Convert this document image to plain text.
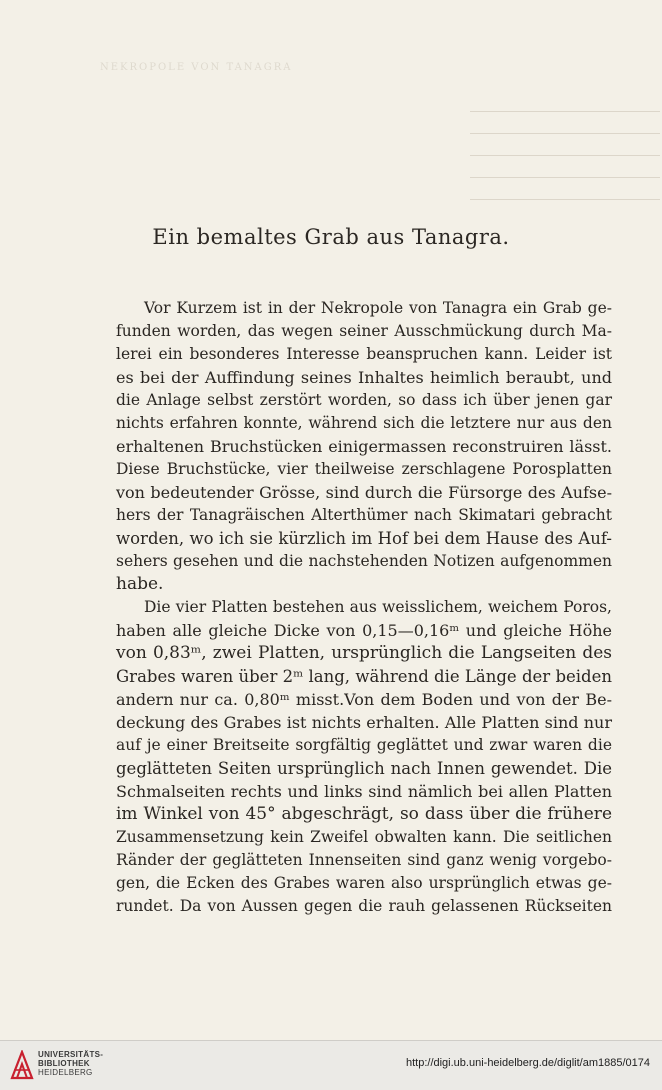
NEKROPOLE VON TANAGRA
Ein bemaltes Grab aus Tanagra.
Vor Kurzem ist in der Nekropole von Tanagra ein Grab ge-
funden worden, das wegen seiner Ausschmückung durch Ma-
lerei ein besonderes Interesse beanspruchen kann. Leider ist
es bei der Auffindung seines Inhaltes heimlich beraubt, und
die Anlage selbst zerstört worden, so dass ich über jenen gar
nichts erfahren konnte, während sich die letztere nur aus den
erhaltenen Bruchstücken einigermassen reconstruiren lässt.
Diese Bruchstücke, vier theilweise zerschlagene Porosplatten
von bedeutender Grösse, sind durch die Fürsorge des Aufse-
hers der Tanagräischen Alterthümer nach Skimatari gebracht
worden, wo ich sie kürzlich im Hof bei dem Hause des Auf-
sehers gesehen und die nachstehenden Notizen aufgenommen
habe.
Die vier Platten bestehen aus weisslichem, weichem Poros,
haben alle gleiche Dicke von 0,15—0,16ᵐ und gleiche Höhe
von 0,83ᵐ, zwei Platten, ursprünglich die Langseiten des
Grabes waren über 2ᵐ lang, während die Länge der beiden
andern nur ca. 0,80ᵐ misst.Von dem Boden und von der Be-
deckung des Grabes ist nichts erhalten. Alle Platten sind nur
auf je einer Breitseite sorgfältig geglättet und zwar waren die
geglätteten Seiten ursprünglich nach Innen gewendet. Die
Schmalseiten rechts und links sind nämlich bei allen Platten
im Winkel von 45° abgeschrägt, so dass über die frühere
Zusammensetzung kein Zweifel obwalten kann. Die seitlichen
Ränder der geglätteten Innenseiten sind ganz wenig vorgebo-
gen, die Ecken des Grabes waren also ursprünglich etwas ge-
rundet. Da von Aussen gegen die rauh gelassenen Rückseiten
UNIVERSITÄTS-
BIBLIOTHEK
HEIDELBERG
http://digi.ub.uni-heidelberg.de/diglit/am1885/0174
